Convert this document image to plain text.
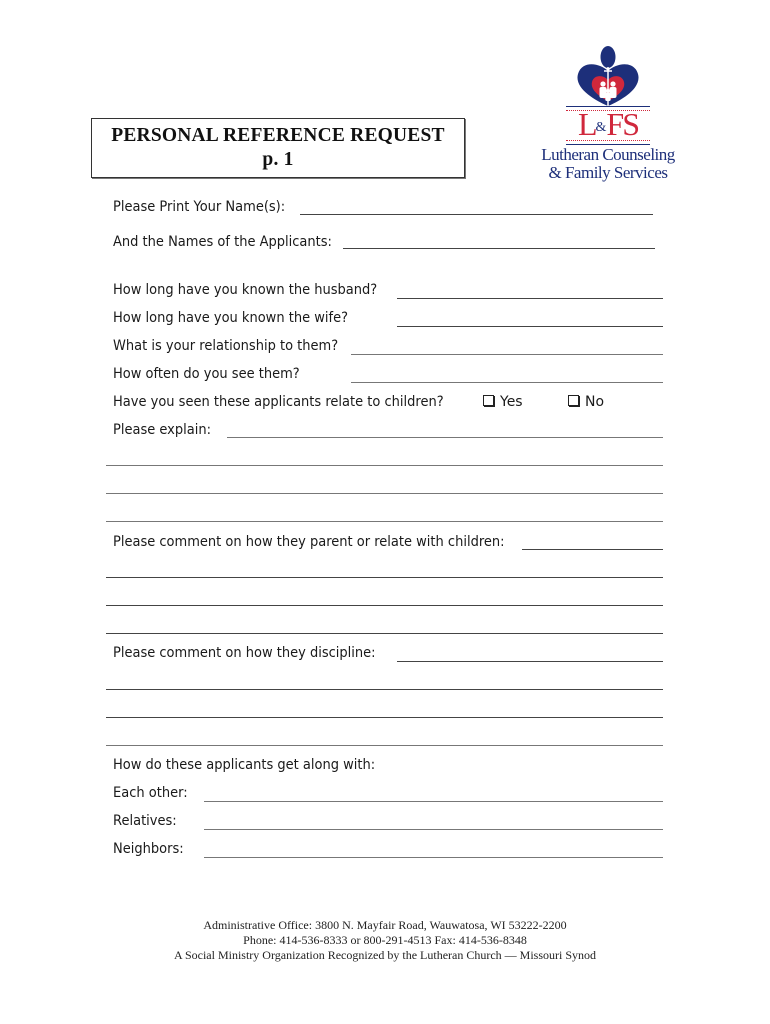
PERSONAL REFERENCE REQUEST
p. 1
L&FS
Lutheran Counseling
& Family Services
Please Print Your Name(s):
And the Names of the Applicants:
How long have you known the husband?
How long have you known the wife?
What is your relationship to them?
How often do you see them?
Have you seen these applicants relate to children?	Yes	No
Please explain:
Please comment on how they parent or relate with children:
Please comment on how they discipline:
How do these applicants get along with:
Each other:
Relatives:
Neighbors:
Administrative Office: 3800 N. Mayfair Road, Wauwatosa, WI 53222-2200
Phone: 414-536-8333 or 800-291-4513 Fax: 414-536-8348
A Social Ministry Organization Recognized by the Lutheran Church — Missouri Synod
